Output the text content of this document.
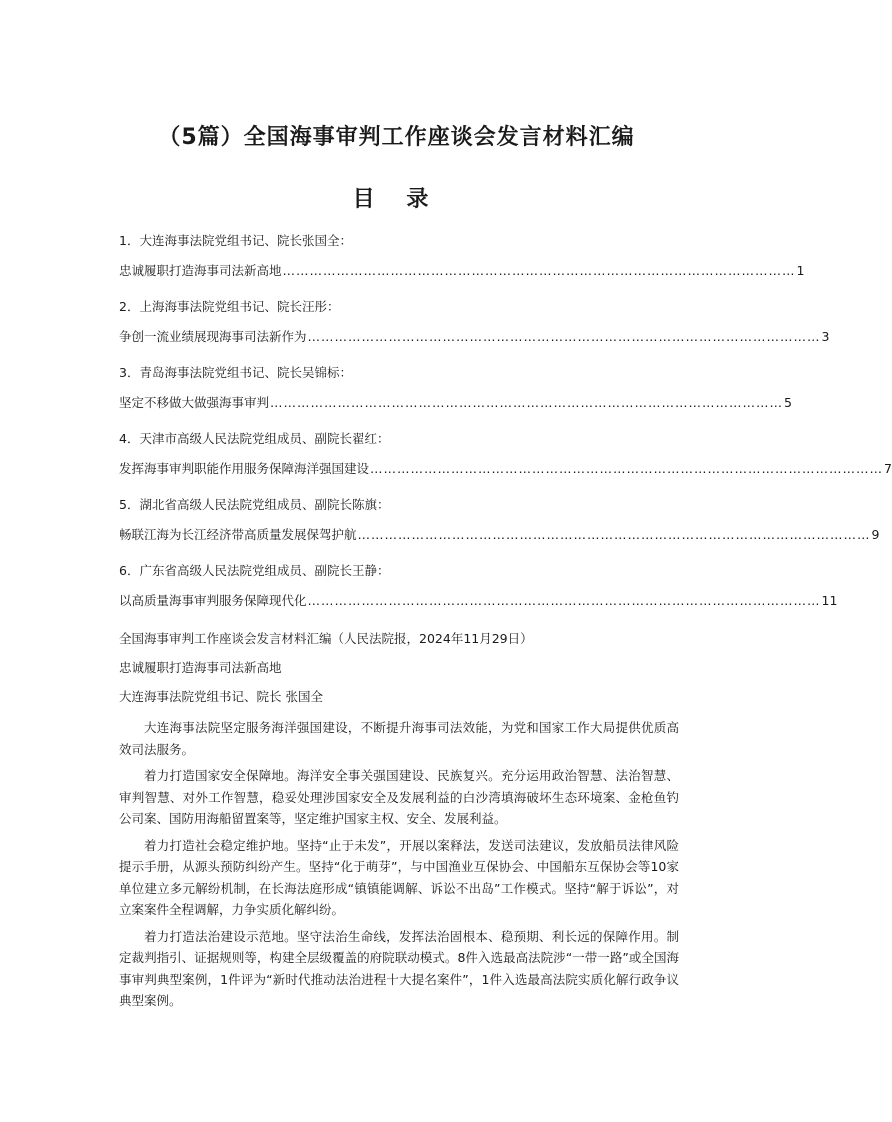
（5篇）全国海事审判工作座谈会发言材料汇编
目 录
1．大连海事法院党组书记、院长张国全：
忠诚履职打造海事司法新高地 …………………………………………………………………………………………………… 1
2．上海海事法院党组书记、院长汪彤：
争创一流业绩展现海事司法新作为 …………………………………………………………………………………………………… 3
3．青岛海事法院党组书记、院长吴锦标：
坚定不移做大做强海事审判 …………………………………………………………………………………………………… 5
4．天津市高级人民法院党组成员、副院长翟红：
发挥海事审判职能作用服务保障海洋强国建设 …………………………………………………………………………………………………… 7
5．湖北省高级人民法院党组成员、副院长陈旗：
畅联江海为长江经济带高质量发展保驾护航 …………………………………………………………………………………………………… 9
6．广东省高级人民法院党组成员、副院长王静：
以高质量海事审判服务保障现代化 …………………………………………………………………………………………………… 11
全国海事审判工作座谈会发言材料汇编（人民法院报，2024年11月29日）
忠诚履职打造海事司法新高地
大连海事法院党组书记、院长 张国全

大连海事法院坚定服务海洋强国建设，不断提升海事司法效能，为党和国家工作大局提供优质高效司法服务。

着力打造国家安全保障地。海洋安全事关强国建设、民族复兴。充分运用政治智慧、法治智慧、审判智慧、对外工作智慧，稳妥处理涉国家安全及发展利益的白沙湾填海破坏生态环境案、金枪鱼钓公司案、国防用海船留置案等，坚定维护国家主权、安全、发展利益。

着力打造社会稳定维护地。坚持“止于未发”，开展以案释法，发送司法建议，发放船员法律风险提示手册，从源头预防纠纷产生。坚持“化于萌芽”，与中国渔业互保协会、中国船东互保协会等10家单位建立多元解纷机制，在长海法庭形成“镇镇能调解、诉讼不出岛”工作模式。坚持“解于诉讼”，对立案案件全程调解，力争实质化解纠纷。

着力打造法治建设示范地。坚守法治生命线，发挥法治固根本、稳预期、利长远的保障作用。制定裁判指引、证据规则等，构建全层级覆盖的府院联动模式。8件入选最高法院涉“一带一路”或全国海事审判典型案例，1件评为“新时代推动法治进程十大提名案件”，1件入选最高法院实质化解行政争议典型案例。
